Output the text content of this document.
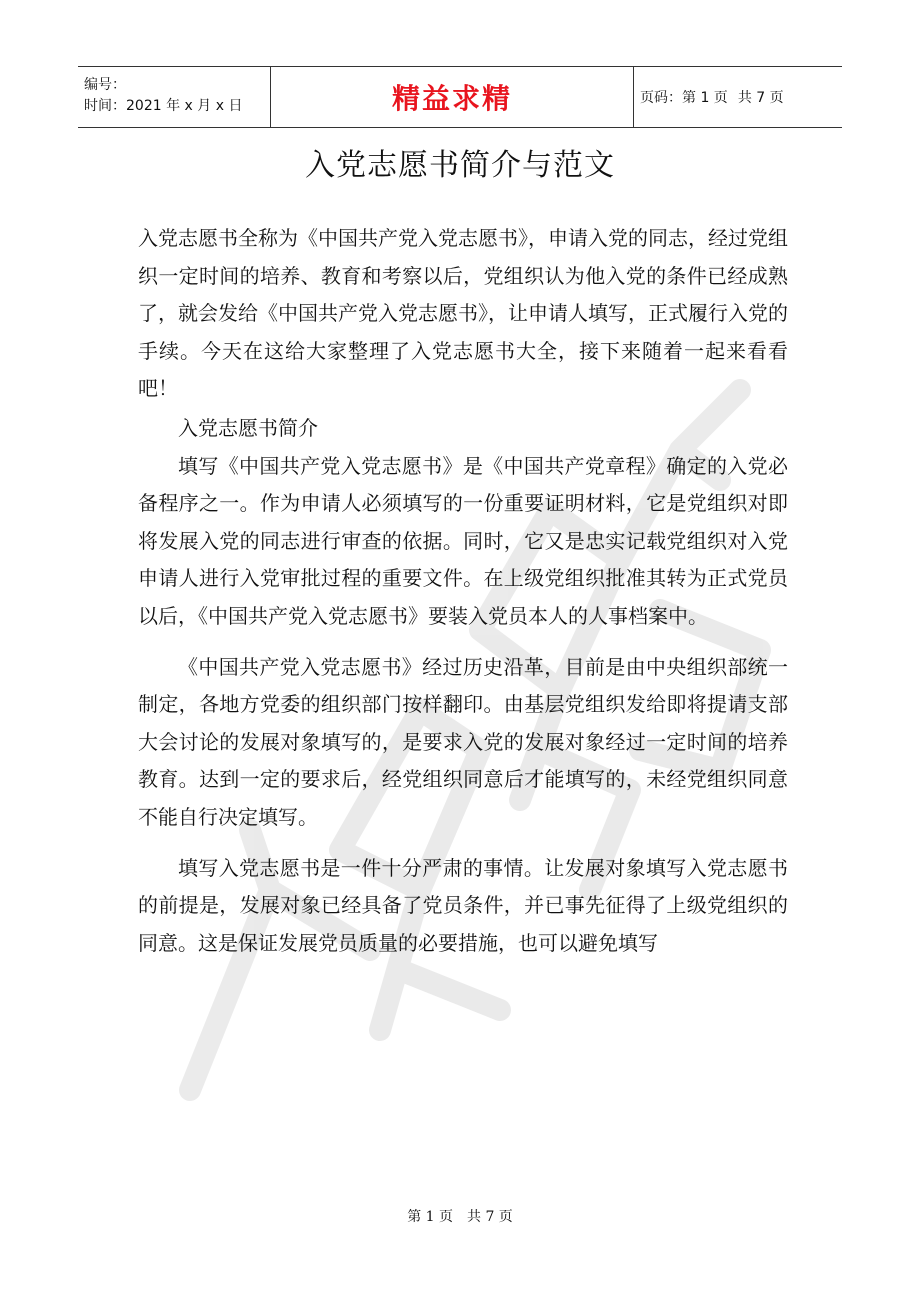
编号：
时间：2021 年 x 月 x 日	精益求精	页码： 第 1 页 共 7 页
入党志愿书简介与范文

入党志愿书全称为《中国共产党入党志愿书》，申请入党的同志，经过党组织一定时间的培养、教育和考察以后，党组织认为他入党的条件已经成熟了，就会发给《中国共产党入党志愿书》，让申请人填写，正式履行入党的手续。今天在这给大家整理了入党志愿书大全，接下来随着一起来看看吧！

入党志愿书简介

填写《中国共产党入党志愿书》是《中国共产党章程》确定的入党必备程序之一。作为申请人必须填写的一份重要证明材料，它是党组织对即将发展入党的同志进行审查的依据。同时，它又是忠实记载党组织对入党申请人进行入党审批过程的重要文件。在上级党组织批准其转为正式党员以后，《中国共产党入党志愿书》要装入党员本人的人事档案中。

《中国共产党入党志愿书》经过历史沿革，目前是由中央组织部统一制定，各地方党委的组织部门按样翻印。由基层党组织发给即将提请支部大会讨论的发展对象填写的，是要求入党的发展对象经过一定时间的培养教育。达到一定的要求后，经党组织同意后才能填写的，未经党组织同意不能自行决定填写。

填写入党志愿书是一件十分严肃的事情。让发展对象填写入党志愿书的前提是，发展对象已经具备了党员条件，并已事先征得了上级党组织的同意。这是保证发展党员质量的必要措施，也可以避免填写

第 1 页 共 7 页
